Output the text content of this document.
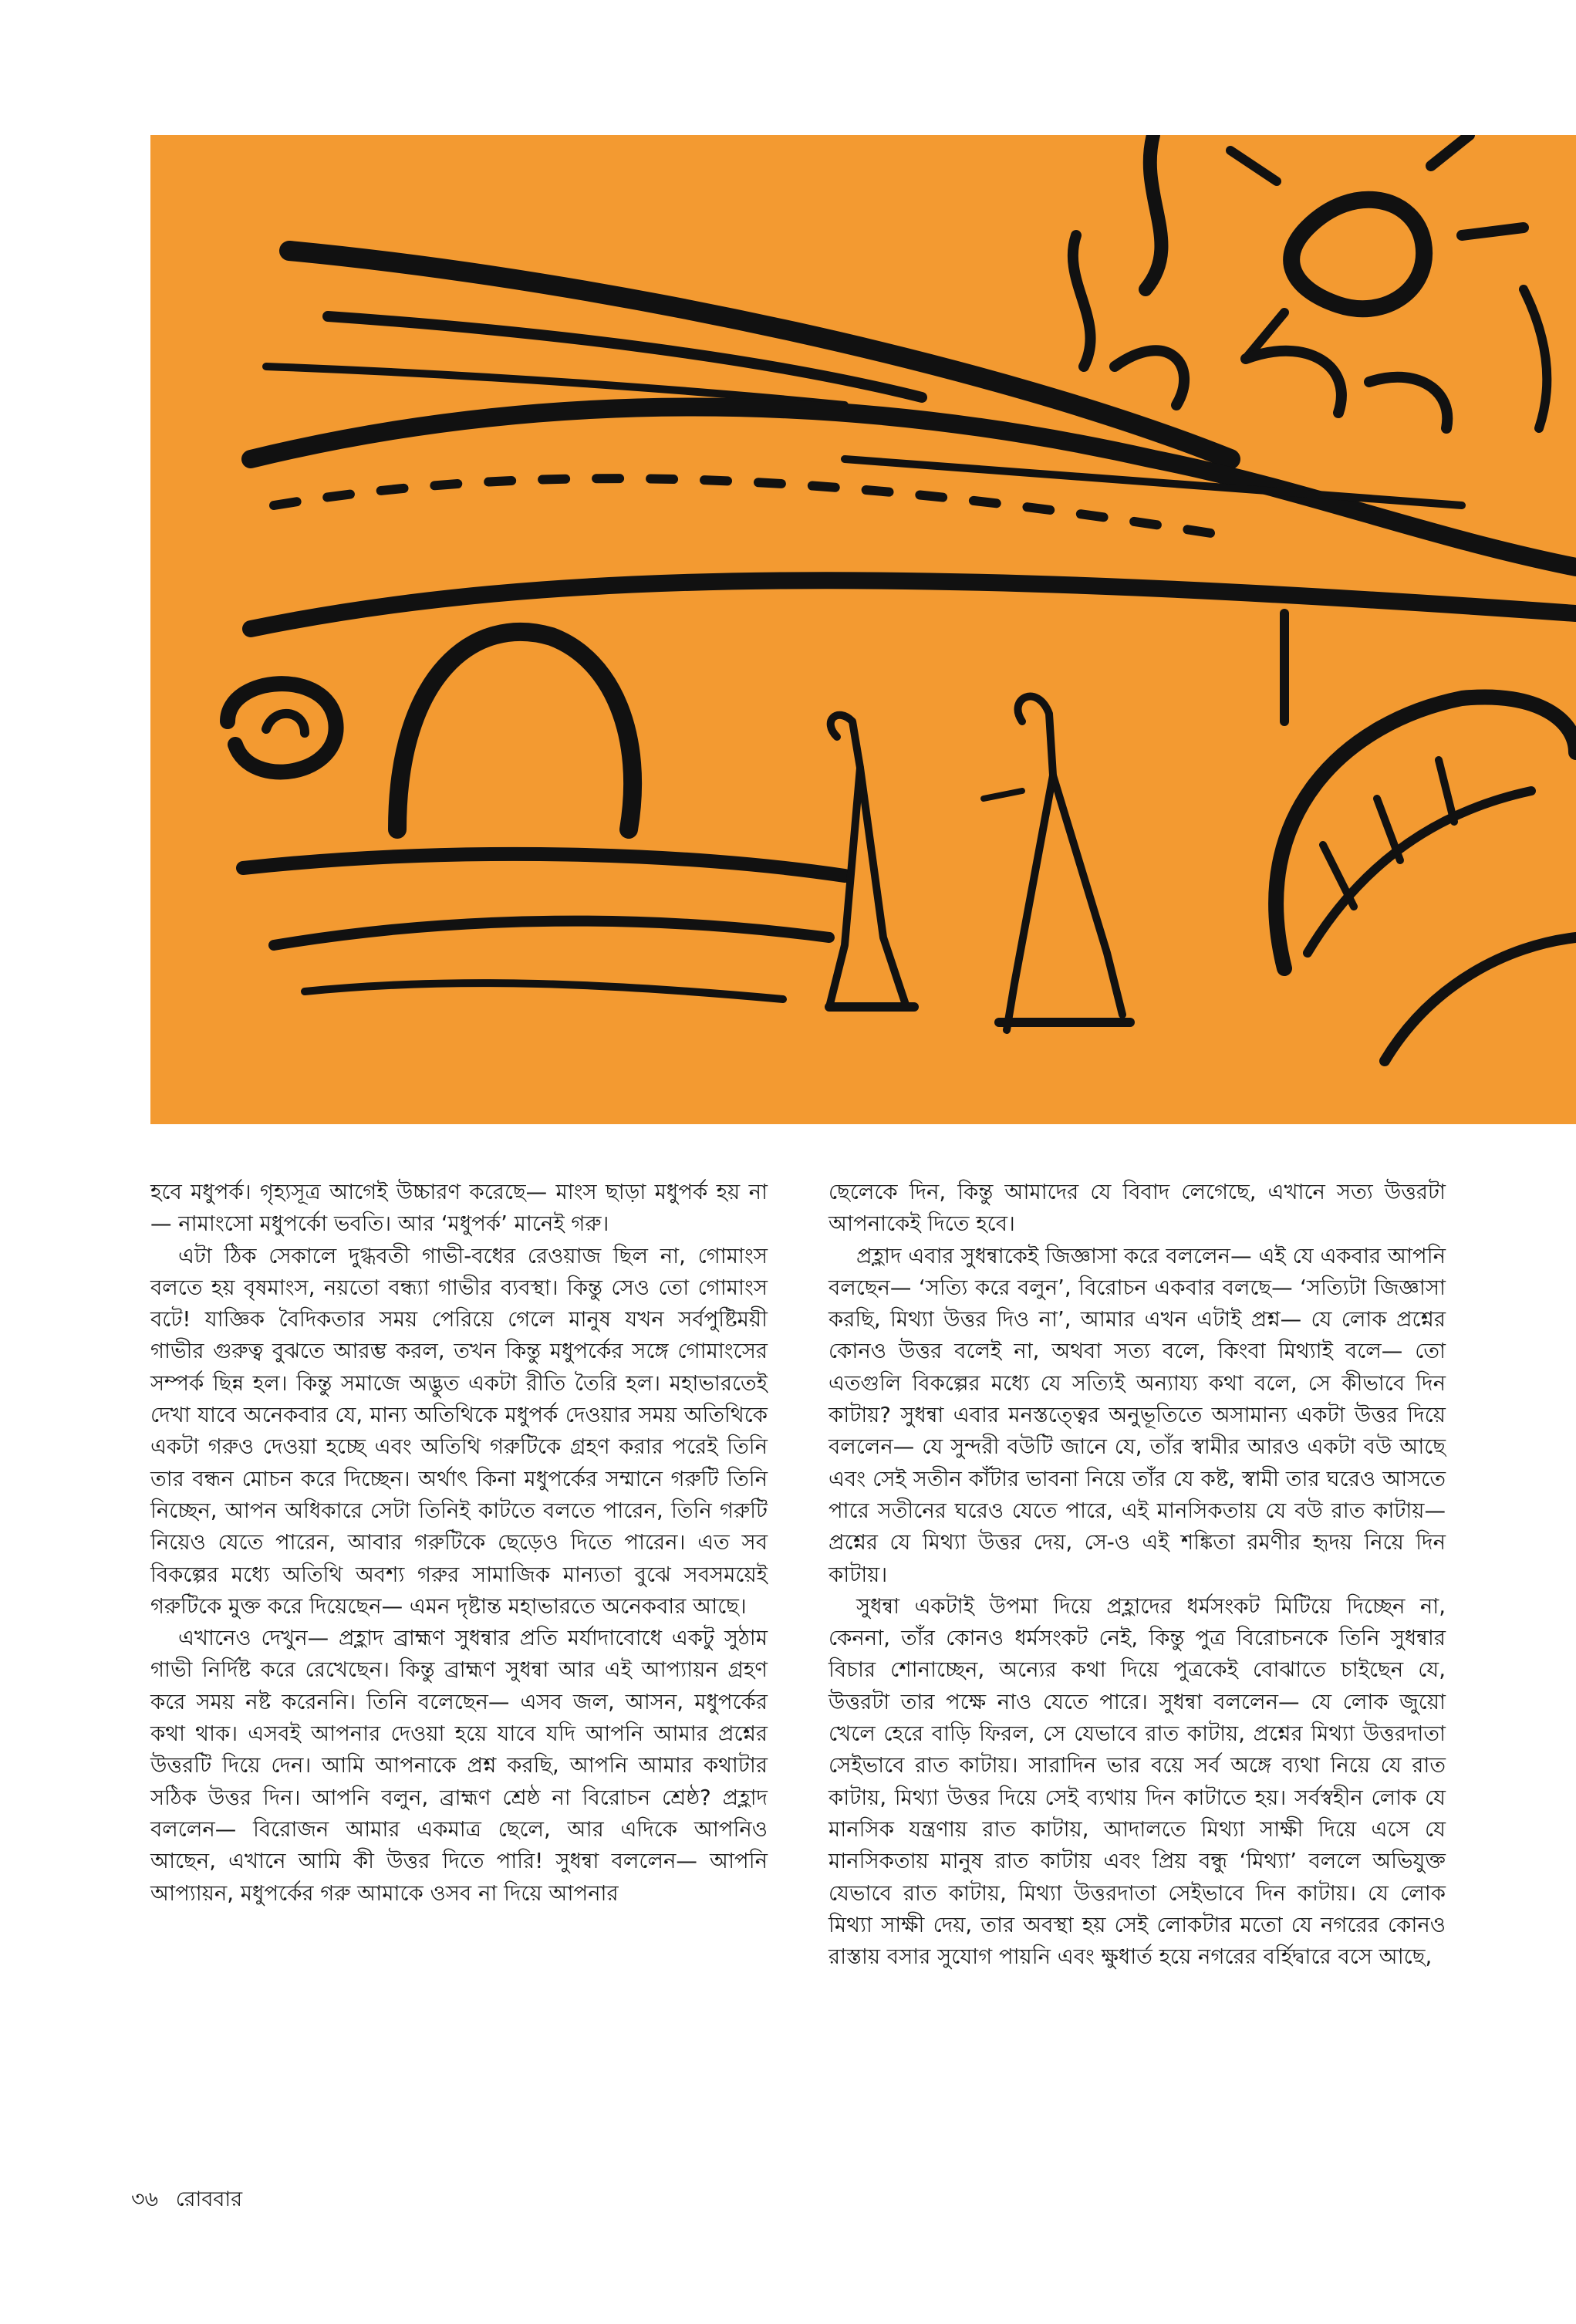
হবে মধুপর্ক। গৃহ্যসূত্র আগেই উচ্চারণ করেছে— মাংস ছাড়া মধুপর্ক হয় না— নামাংসো মধুপর্কো ভবতি। আর ‘মধুপর্ক’ মানেই গরু।

এটা ঠিক সেকালে দুগ্ধবতী গাভী-বধের রেওয়াজ ছিল না, গোমাংস বলতে হয় বৃষমাংস, নয়তো বন্ধ্যা গাভীর ব্যবস্থা। কিন্তু সেও তো গোমাংস বটে! যাজ্ঞিক বৈদিকতার সময় পেরিয়ে গেলে মানুষ যখন সর্বপুষ্টিময়ী গাভীর গুরুত্ব বুঝতে আরম্ভ করল, তখন কিন্তু মধুপর্কের সঙ্গে গোমাংসের সম্পর্ক ছিন্ন হল। কিন্তু সমাজে অদ্ভুত একটা রীতি তৈরি হল। মহাভারতেই দেখা যাবে অনেকবার যে, মান্য অতিথিকে মধুপর্ক দেওয়ার সময় অতিথিকে একটা গরুও দেওয়া হচ্ছে এবং অতিথি গরুটিকে গ্রহণ করার পরেই তিনি তার বন্ধন মোচন করে দিচ্ছেন। অর্থাৎ কিনা মধুপর্কের সম্মানে গরুটি তিনি নিচ্ছেন, আপন অধিকারে সেটা তিনিই কাটতে বলতে পারেন, তিনি গরুটি নিয়েও যেতে পারেন, আবার গরুটিকে ছেড়েও দিতে পারেন। এত সব বিকল্পের মধ্যে অতিথি অবশ্য গরুর সামাজিক মান্যতা বুঝে সবসময়েই গরুটিকে মুক্ত করে দিয়েছেন— এমন দৃষ্টান্ত মহাভারতে অনেকবার আছে।

এখানেও দেখুন— প্রহ্লাদ ব্রাহ্মণ সুধন্বার প্রতি মর্যাদাবোধে একটু সুঠাম গাভী নির্দিষ্ট করে রেখেছেন। কিন্তু ব্রাহ্মণ সুধন্বা আর এই আপ্যায়ন গ্রহণ করে সময় নষ্ট করেননি। তিনি বলেছেন— এসব জল, আসন, মধুপর্কের কথা থাক। এসবই আপনার দেওয়া হয়ে যাবে যদি আপনি আমার প্রশ্নের উত্তরটি দিয়ে দেন। আমি আপনাকে প্রশ্ন করছি, আপনি আমার কথাটার সঠিক উত্তর দিন। আপনি বলুন, ব্রাহ্মণ শ্রেষ্ঠ না বিরোচন শ্রেষ্ঠ? প্রহ্লাদ বললেন— বিরোজন আমার একমাত্র ছেলে, আর এদিকে আপনিও আছেন, এখানে আমি কী উত্তর দিতে পারি! সুধন্বা বললেন— আপনি আপ্যায়ন, মধুপর্কের গরু আমাকে ওসব না দিয়ে আপনার

ছেলেকে দিন, কিন্তু আমাদের যে বিবাদ লেগেছে, এখানে সত্য উত্তরটা আপনাকেই দিতে হবে।

প্রহ্লাদ এবার সুধন্বাকেই জিজ্ঞাসা করে বললেন— এই যে একবার আপনি বলছেন— ‘সত্যি করে বলুন’, বিরোচন একবার বলছে— ‘সত্যিটা জিজ্ঞাসা করছি, মিথ্যা উত্তর দিও না’, আমার এখন এটাই প্রশ্ন— যে লোক প্রশ্নের কোনও উত্তর বলেই না, অথবা সত্য বলে, কিংবা মিথ্যাই বলে— তো এতগুলি বিকল্পের মধ্যে যে সত্যিই অন্যায্য কথা বলে, সে কীভাবে দিন কাটায়? সুধন্বা এবার মনস্তত্ত্বের অনুভূতিতে অসামান্য একটা উত্তর দিয়ে বললেন— যে সুন্দরী বউটি জানে যে, তাঁর স্বামীর আরও একটা বউ আছে এবং সেই সতীন কাঁটার ভাবনা নিয়ে তাঁর যে কষ্ট, স্বামী তার ঘরেও আসতে পারে সতীনের ঘরেও যেতে পারে, এই মানসিকতায় যে বউ রাত কাটায়— প্রশ্নের যে মিথ্যা উত্তর দেয়, সে-ও এই শঙ্কিতা রমণীর হৃদয় নিয়ে দিন কাটায়।

সুধন্বা একটাই উপমা দিয়ে প্রহ্লাদের ধর্মসংকট মিটিয়ে দিচ্ছেন না, কেননা, তাঁর কোনও ধর্মসংকট নেই, কিন্তু পুত্র বিরোচনকে তিনি সুধন্বার বিচার শোনাচ্ছেন, অন্যের কথা দিয়ে পুত্রকেই বোঝাতে চাইছেন যে, উত্তরটা তার পক্ষে নাও যেতে পারে। সুধন্বা বললেন— যে লোক জুয়ো খেলে হেরে বাড়ি ফিরল, সে যেভাবে রাত কাটায়, প্রশ্নের মিথ্যা উত্তরদাতা সেইভাবে রাত কাটায়। সারাদিন ভার বয়ে সর্ব অঙ্গে ব্যথা নিয়ে যে রাত কাটায়, মিথ্যা উত্তর দিয়ে সেই ব্যথায় দিন কাটাতে হয়। সর্বস্বহীন লোক যে মানসিক যন্ত্রণায় রাত কাটায়, আদালতে মিথ্যা সাক্ষী দিয়ে এসে যে মানসিকতায় মানুষ রাত কাটায় এবং প্রিয় বন্ধু ‘মিথ্যা’ বললে অভিযুক্ত যেভাবে রাত কাটায়, মিথ্যা উত্তরদাতা সেইভাবে দিন কাটায়। যে লোক মিথ্যা সাক্ষী দেয়, তার অবস্থা হয় সেই লোকটার মতো যে নগরের কোনও রাস্তায় বসার সুযোগ পায়নি এবং ক্ষুধার্ত হয়ে নগরের বর্হিদ্বারে বসে আছে,

৩৬ রোববার
